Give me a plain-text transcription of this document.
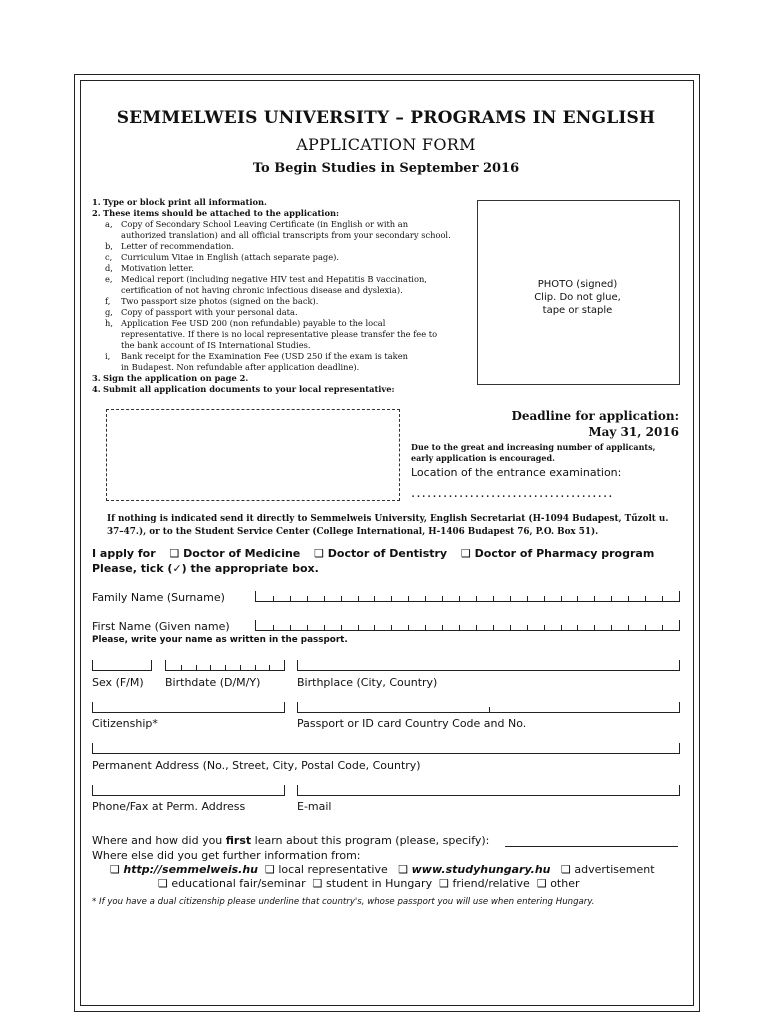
SEMMELWEIS UNIVERSITY – PROGRAMS IN ENGLISH
APPLICATION FORM
To Begin Studies in September 2016
1. Type or block print all information.
2. These items should be attached to the application:
a, Copy of Secondary School Leaving Certificate (in English or with an
authorized translation) and all official transcripts from your secondary school.
b, Letter of recommendation.
c, Curriculum Vitae in English (attach separate page).
d, Motivation letter.
e, Medical report (including negative HIV test and Hepatitis B vaccination,
certification of not having chronic infectious disease and dyslexia).
f, Two passport size photos (signed on the back).
g, Copy of passport with your personal data.
h, Application Fee USD 200 (non refundable) payable to the local
representative. If there is no local representative please transfer the fee to
the bank account of IS International Studies.
i, Bank receipt for the Examination Fee (USD 250 if the exam is taken
in Budapest. Non refundable after application deadline).
3. Sign the application on page 2.
4. Submit all application documents to your local representative:
PHOTO (signed)
Clip. Do not glue,
tape or staple
Deadline for application:
May 31, 2016
Due to the great and increasing number of applicants,
early application is encouraged.
Location of the entrance examination:
......................................
If nothing is indicated send it directly to Semmelweis University, English Secretariat (H-1094 Budapest, Tűzolt u.
37–47.), or to the Student Service Center (College International, H-1406 Budapest 76, P.O. Box 51).
I apply for ❑ Doctor of Medicine ❑ Doctor of Dentistry ❑ Doctor of Pharmacy program
Please, tick (✓) the appropriate box.
Family Name (Surname)
First Name (Given name)
Please, write your name as written in the passport.
Sex (F/M) Birthdate (D/M/Y)	Birthplace (City, Country)
Citizenship*	Passport or ID card Country Code and No.
Permanent Address (No., Street, City, Postal Code, Country)
Phone/Fax at Perm. Address	E-mail
Where and how did you first learn about this program (please, specify):
Where else did you get further information from:
❑ http://semmelweis.hu ❑ local representative ❑ www.studyhungary.hu ❑ advertisement
❑ educational fair/seminar ❑ student in Hungary ❑ friend/relative ❑ other
* If you have a dual citizenship please underline that country's, whose passport you will use when entering Hungary.
